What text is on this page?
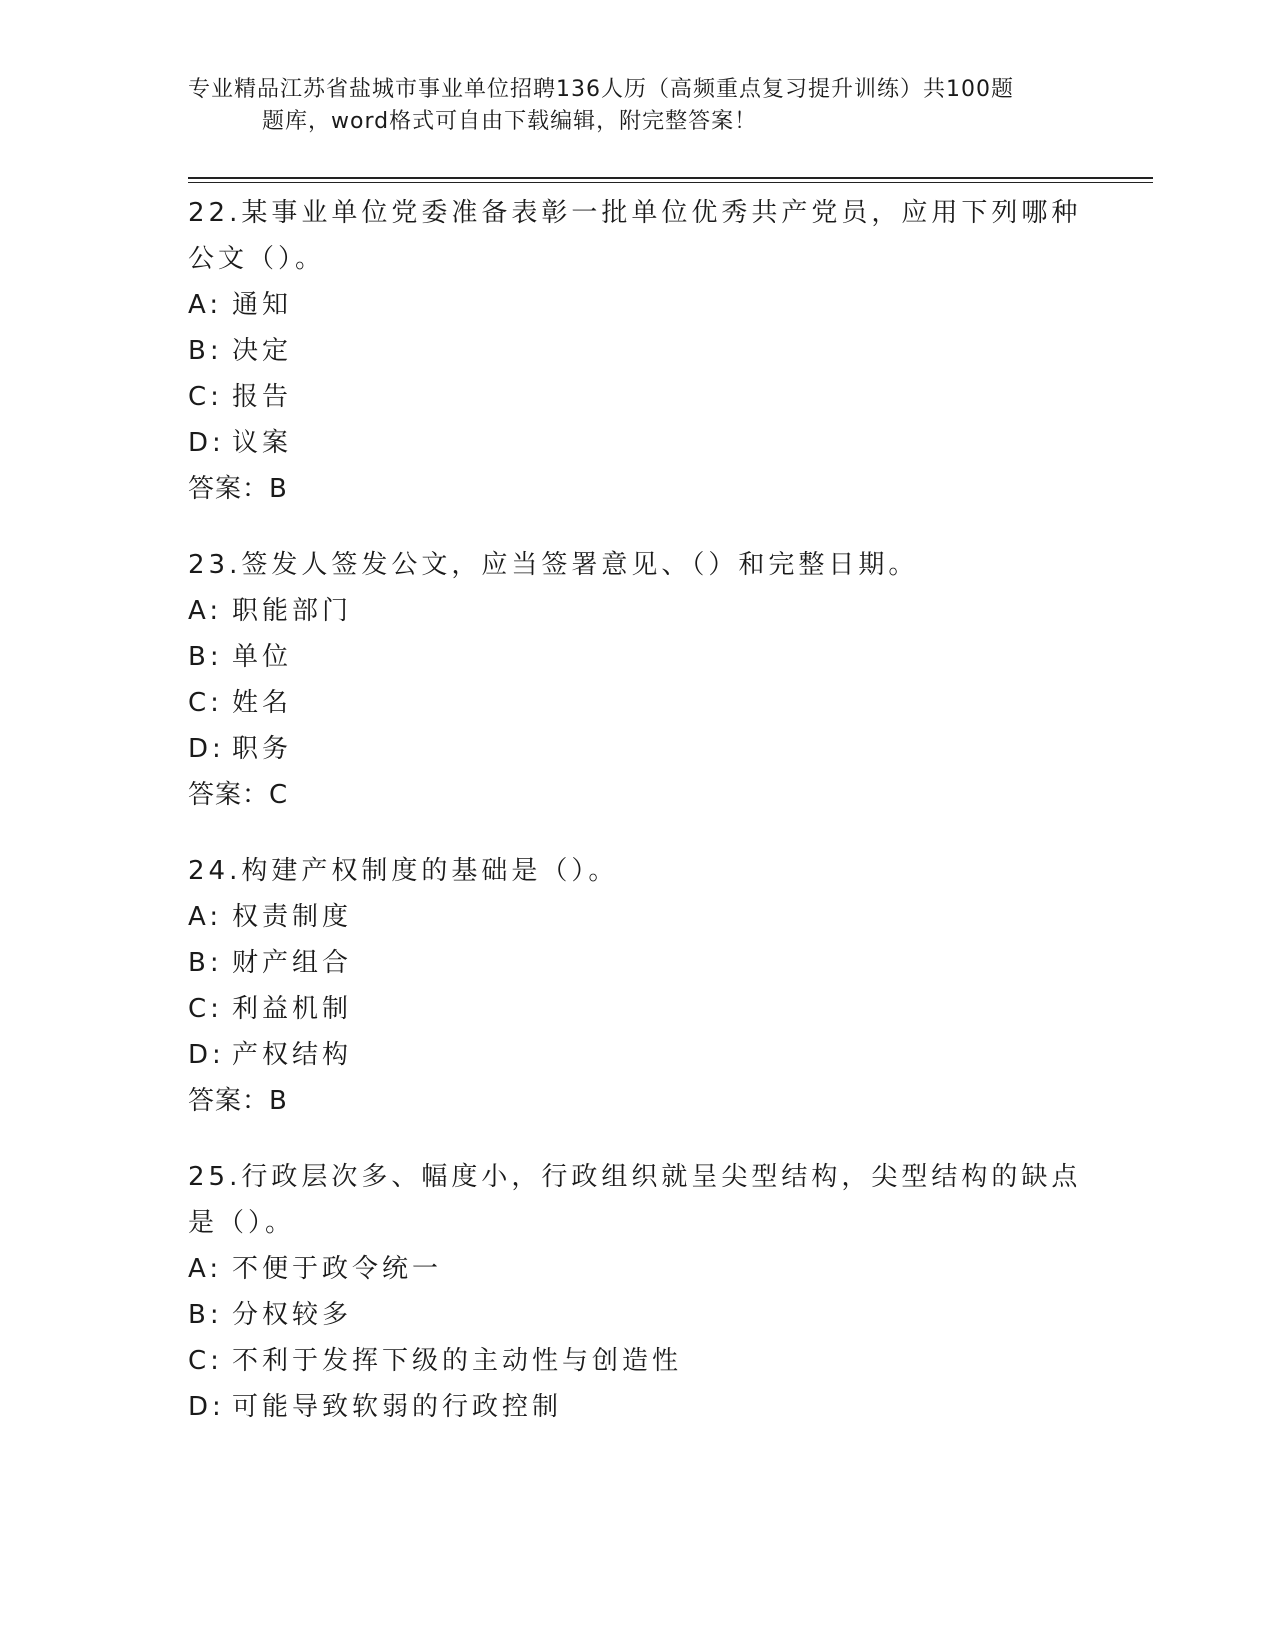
专业精品江苏省盐城市事业单位招聘136人历（高频重点复习提升训练）共100题
题库，word格式可自由下载编辑，附完整答案！

22.某事业单位党委准备表彰一批单位优秀共产党员，应用下列哪种公文（）。

A: 通知
B: 决定
C: 报告
D: 议案

答案：B

23.签发人签发公文，应当签署意见、（）和完整日期。

A: 职能部门
B: 单位
C: 姓名
D: 职务

答案：C

24.构建产权制度的基础是（）。

A: 权责制度
B: 财产组合
C: 利益机制
D: 产权结构

答案：B

25.行政层次多、幅度小，行政组织就呈尖型结构，尖型结构的缺点是（）。

A: 不便于政令统一
B: 分权较多
C: 不利于发挥下级的主动性与创造性
D: 可能导致软弱的行政控制
